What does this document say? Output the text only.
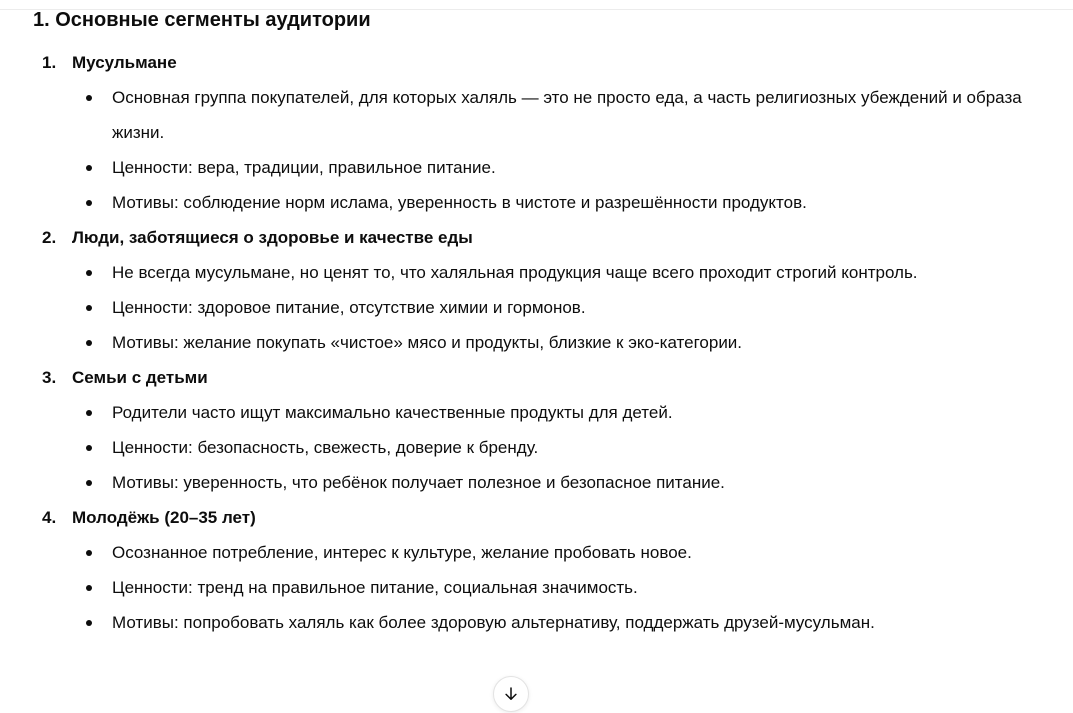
1. Основные сегменты аудитории
1. Мусульмане
Основная группа покупателей, для которых халяль — это не просто еда, а часть религиозных убеждений и образа жизни.
Ценности: вера, традиции, правильное питание.
Мотивы: соблюдение норм ислама, уверенность в чистоте и разрешённости продуктов.
2. Люди, заботящиеся о здоровье и качестве еды
Не всегда мусульмане, но ценят то, что халяльная продукция чаще всего проходит строгий контроль.
Ценности: здоровое питание, отсутствие химии и гормонов.
Мотивы: желание покупать «чистое» мясо и продукты, близкие к эко-категории.
3. Семьи с детьми
Родители часто ищут максимально качественные продукты для детей.
Ценности: безопасность, свежесть, доверие к бренду.
Мотивы: уверенность, что ребёнок получает полезное и безопасное питание.
4. Молодёжь (20–35 лет)
Осознанное потребление, интерес к культуре, желание пробовать новое.
Ценности: тренд на правильное питание, социальная значимость.
Мотивы: попробовать халяль как более здоровую альтернативу, поддержать друзей-мусульман.
